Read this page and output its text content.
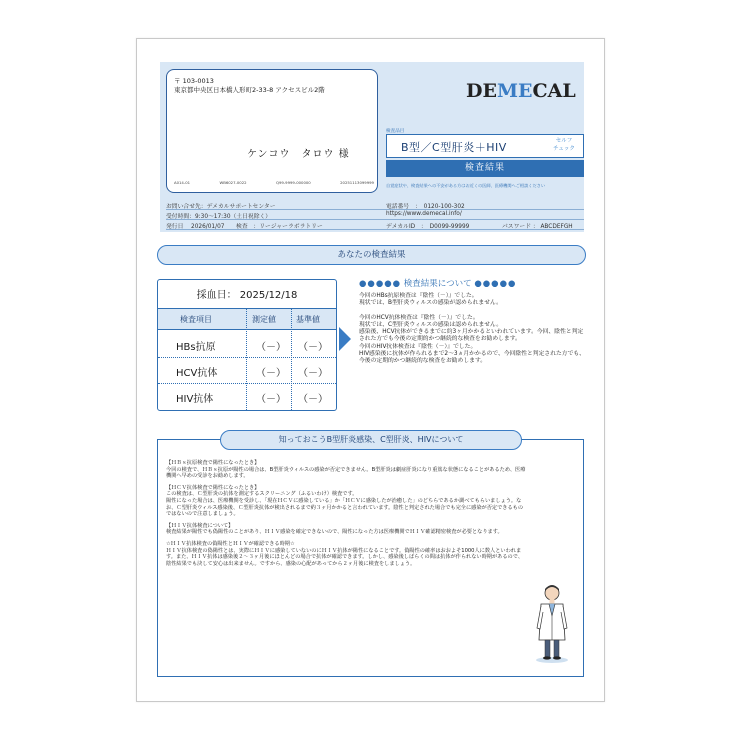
〒 103-0013
東京都中央区日本橋人形町2-33-8 アクセスビル2階
ケンコウ　タロウ 様
A014-01	WB6027-0022	Q99-9999-000000	20251113099999
DEMECAL
検査品目
B型／C型肝炎＋HIV	セルフ
チェック
検査結果
自覚症状や、検査結果への不安がある方はお近くの医師、医療機関へご相談ください
お問い合せ先：デメカルサポートセンター	電話番号　：　0120-100-302
受付時間：9:30〜17:30（土日祝除く）	https://www.demecal.info/
発行日　 2026/01/07　　検査　：リージャーラボラトリー	デメカルID　：　D0099-99999	パスワード ： ABCDEFGH
あなたの検査結果
採血日： 2025/12/18
検査項目	測定値	基準値
HBs抗原	（－） （－）
HCV抗体	（－） （－）
HIV抗体	（－） （－）
●●●●● 検査結果について ●●●●●

今回のHBs抗原検査は『陰性（－）』でした。
現状では、B型肝炎ウィルスの感染が認められません。

今回のHCV抗体検査は『陰性（－）』でした。
現状では、C型肝炎ウィルスの感染は認められません。
感染後、HCV抗体ができるまでに約3ヶ月かかるといわれています。今回、陰性と判定された方でも今後の定期的かつ継続的な検査をお勧めします。

今回のHIV抗体検査は『陰性（－）』でした。
HIV感染後に抗体が作られるまで2〜3ヵ月かかるので、今回陰性と判定された方でも、今後の定期的かつ継続的な検査をお勧めします。

知っておこうB型肝炎感染、C型肝炎、HIVについて
【ＨＢｓ抗原検査で陽性になったとき】
今回の検査で、ＨＢｓ抗原が陽性の場合は、B型肝炎ウィルスの感染が否定できません。B型肝炎は劇症肝炎になり重篤な状態になることがあるため、医療機関へ早めの受診をお勧めします。
【ＨＣＶ抗体検査で陽性になったとき】
この検査は、Ｃ型肝炎の抗体を測定するスクリーニング（ふるいわけ）検査です。
陽性になった場合は、医療機関を受診し、「現在ＨＣＶに感染している」か「ＨＣＶに感染したが治癒した」のどちらであるか調べてもらいましょう。なお、Ｃ型肝炎ウィルス感染後、Ｃ型肝炎抗体が検出されるまで約３ヶ月かかると言われています。陰性と判定された場合でも完全に感染が否定できるものではないので注意しましょう。
【ＨＩＶ抗体検査について】
検査結果が陽性でも偽陽性のことがあり、ＨＩＶ感染を確定できないので、陽性になった方は医療機関でＨＩＶ確認精密検査が必要となります。
☆ＨＩＶ抗体検査の偽陽性とＨＩＶが確認できる時期☆
ＨＩＶ抗体検査の偽陽性とは、実際にＨＩＶに感染していないのにＨＩＶ抗体が陽性になることです。偽陽性の確率はおおよそ1000人に数人といわれます。また、ＨＩＶ抗体は感染後２～３ヶ月後にほとんどの場合で抗体が確認できます。しかし、感染後しばらくの間は抗体が作られない時期があるので、陰性結果でも決して安心は出来ません。ですから、感染の心配があってから２ヶ月後に検査をしましょう。
